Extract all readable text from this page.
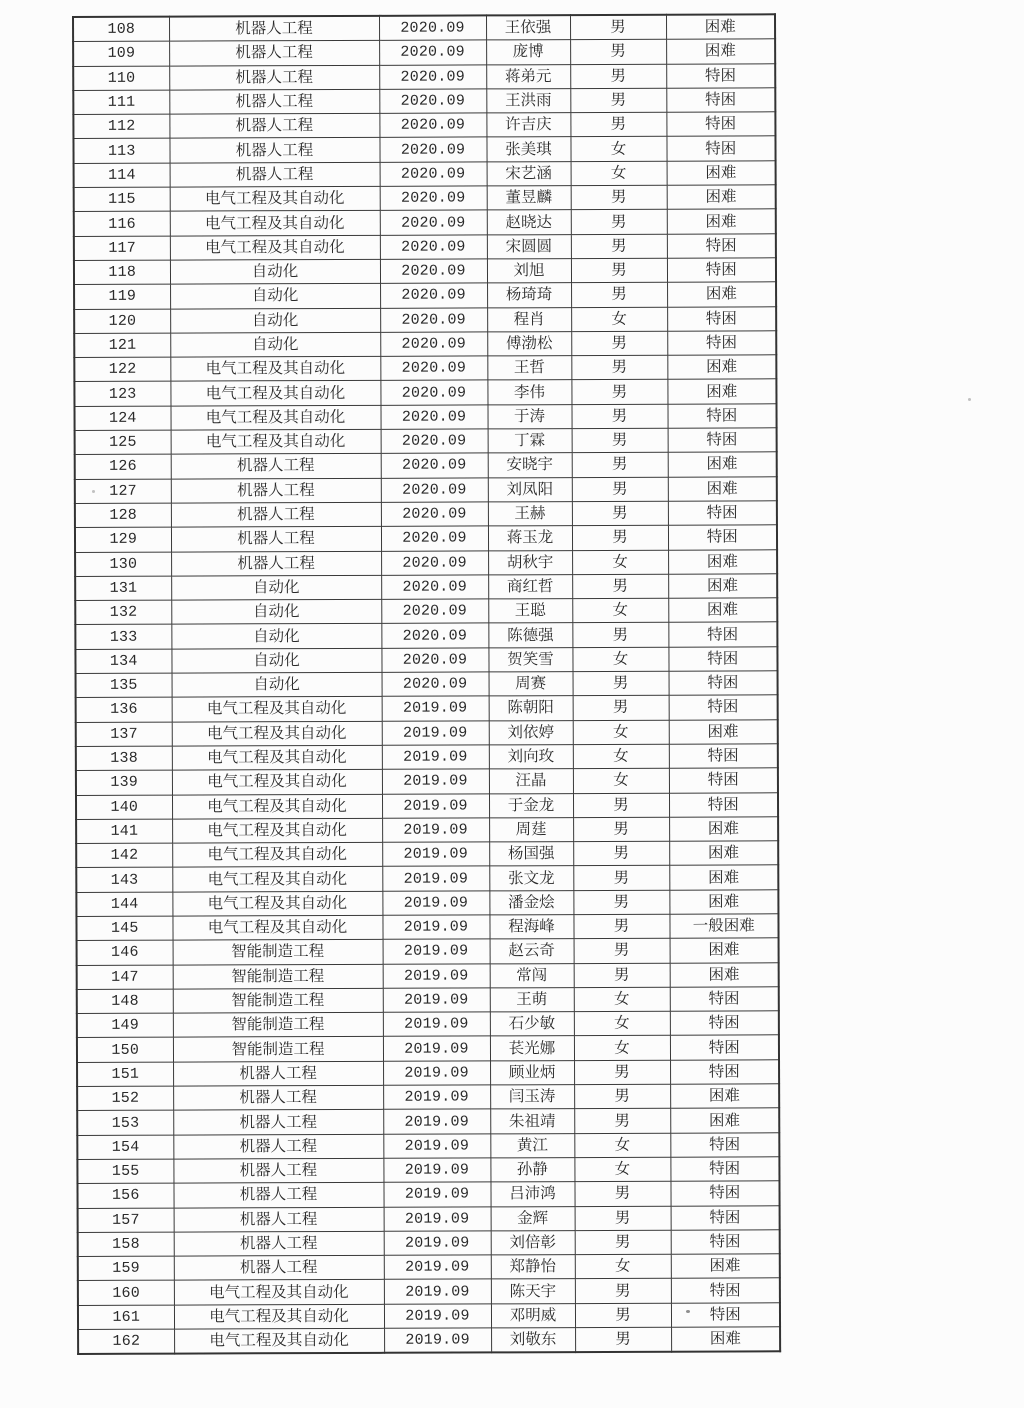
108	机器人工程	2020.09	王依强	男	困难
109	机器人工程	2020.09	庞博	男	困难
110	机器人工程	2020.09	蒋弟元	男	特困
111	机器人工程	2020.09	王洪雨	男	特困
112	机器人工程	2020.09	许吉庆	男	特困
113	机器人工程	2020.09	张美琪	女	特困
114	机器人工程	2020.09	宋艺涵	女	困难
115	电气工程及其自动化	2020.09	董昱麟	男	困难
116	电气工程及其自动化	2020.09	赵晓达	男	困难
117	电气工程及其自动化	2020.09	宋圆圆	男	特困
118	自动化	2020.09	刘旭	男	特困
119	自动化	2020.09	杨琦琦	男	困难
120	自动化	2020.09	程肖	女	特困
121	自动化	2020.09	傅渤松	男	特困
122	电气工程及其自动化	2020.09	王哲	男	困难
123	电气工程及其自动化	2020.09	李伟	男	困难
124	电气工程及其自动化	2020.09	于涛	男	特困
125	电气工程及其自动化	2020.09	丁霖	男	特困
126	机器人工程	2020.09	安晓宇	男	困难
127	机器人工程	2020.09	刘凤阳	男	困难
128	机器人工程	2020.09	王赫	男	特困
129	机器人工程	2020.09	蒋玉龙	男	特困
130	机器人工程	2020.09	胡秋宇	女	困难
131	自动化	2020.09	商红哲	男	困难
132	自动化	2020.09	王聪	女	困难
133	自动化	2020.09	陈德强	男	特困
134	自动化	2020.09	贺笑雪	女	特困
135	自动化	2020.09	周赛	男	特困
136	电气工程及其自动化	2019.09	陈朝阳	男	特困
137	电气工程及其自动化	2019.09	刘依婷	女	困难
138	电气工程及其自动化	2019.09	刘向玫	女	特困
139	电气工程及其自动化	2019.09	汪晶	女	特困
140	电气工程及其自动化	2019.09	于金龙	男	特困
141	电气工程及其自动化	2019.09	周莛	男	困难
142	电气工程及其自动化	2019.09	杨国强	男	困难
143	电气工程及其自动化	2019.09	张文龙	男	困难
144	电气工程及其自动化	2019.09	潘金烩	男	困难
145	电气工程及其自动化	2019.09	程海峰	男	一般困难
146	智能制造工程	2019.09	赵云奇	男	困难
147	智能制造工程	2019.09	常闯	男	困难
148	智能制造工程	2019.09	王萌	女	特困
149	智能制造工程	2019.09	石少敏	女	特困
150	智能制造工程	2019.09	苌光娜	女	特困
151	机器人工程	2019.09	顾业炳	男	特困
152	机器人工程	2019.09	闫玉涛	男	困难
153	机器人工程	2019.09	朱祖靖	男	困难
154	机器人工程	2019.09	黄江	女	特困
155	机器人工程	2019.09	孙静	女	特困
156	机器人工程	2019.09	吕沛鸿	男	特困
157	机器人工程	2019.09	金辉	男	特困
158	机器人工程	2019.09	刘倍彰	男	特困
159	机器人工程	2019.09	郑静怡	女	困难
160	电气工程及其自动化	2019.09	陈天宇	男	特困
161	电气工程及其自动化	2019.09	邓明威	男	特困
162	电气工程及其自动化	2019.09	刘敬东	男	困难
